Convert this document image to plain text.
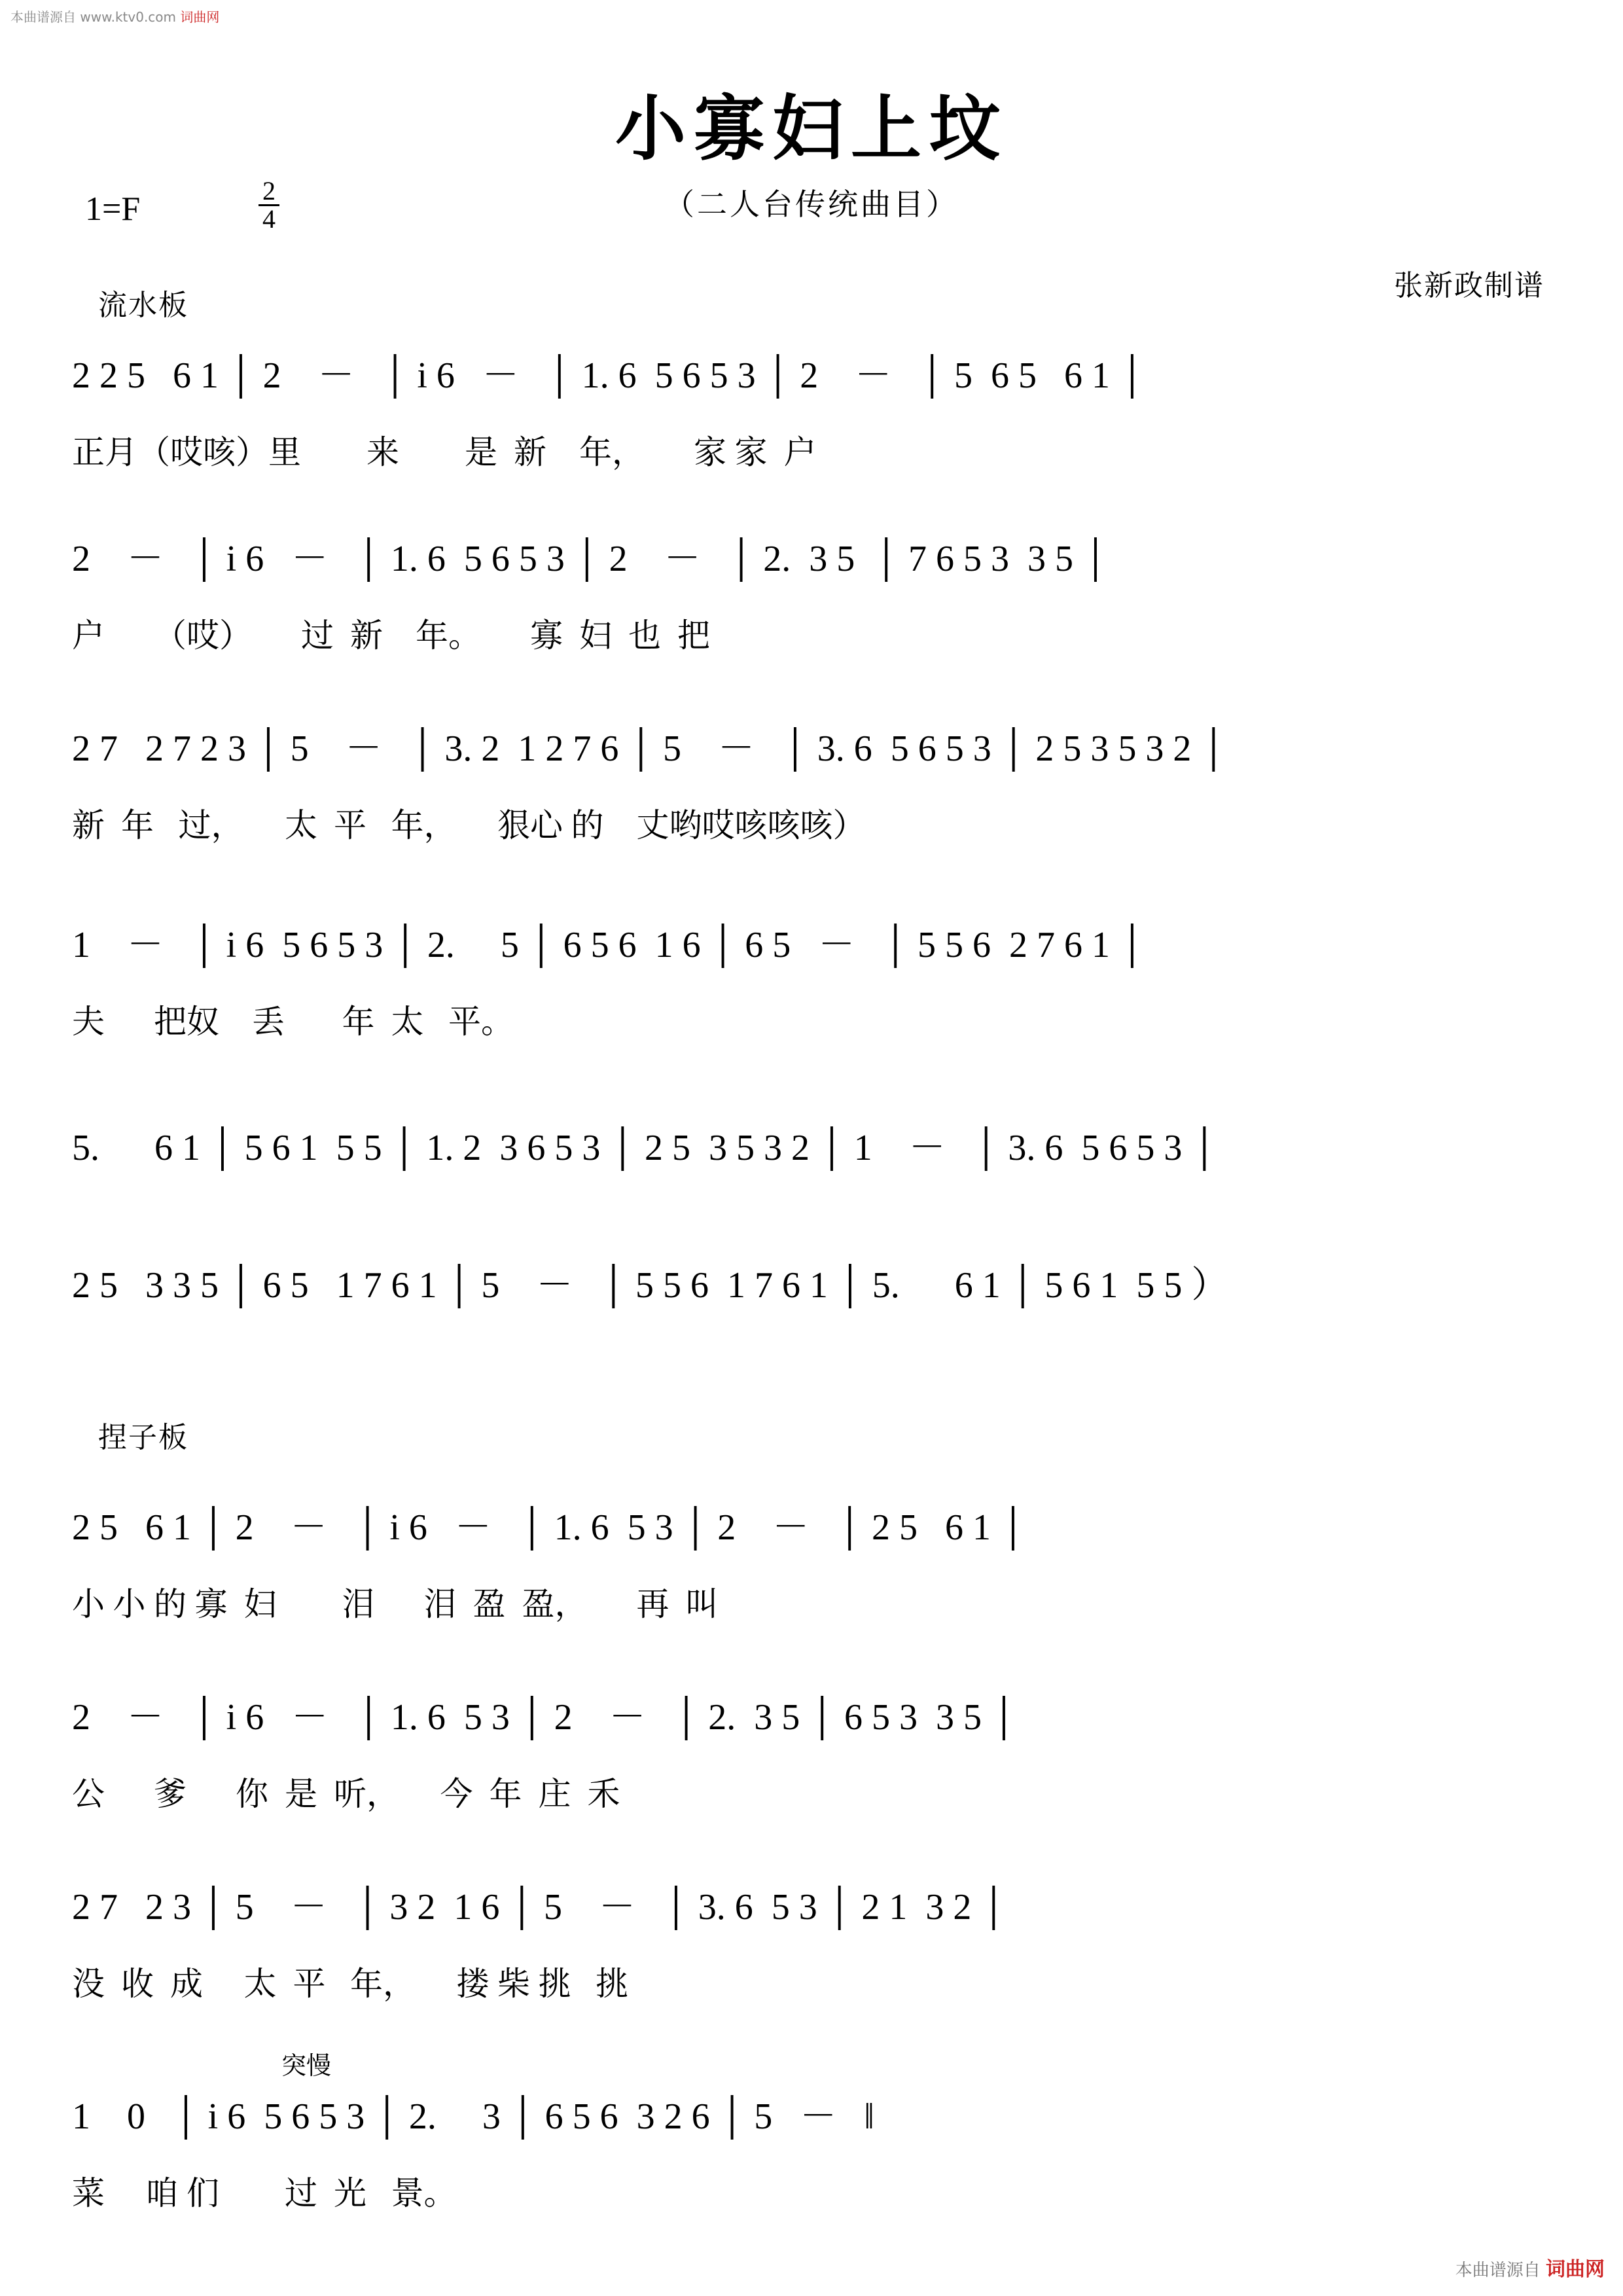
本曲谱源自 www.ktv0.com 词曲网
本曲谱源自 词曲网
小寡妇上坟
（二人台传统曲目）
1=F	$\frac{2}{4}$
张新政制谱
流水板
捏子板
突慢

2 2 5   6 1 │ 2    －   │ i 6   －   │ 1. 6  5 6 5 3 │ 2    －   │ 5  6 5   6 1 │

正月（哎咳）里        来        是  新    年，      家 家  户

2    －   │ i 6   －   │ 1. 6  5 6 5 3 │ 2    －   │ 2.  3 5  │ 7 6 5 3  3 5 │

户      （哎）      过  新    年。      寡  妇  也  把

2 7   2 7 2 3 │ 5    －   │ 3. 2  1 2 7 6 │ 5    －   │ 3. 6  5 6 5 3 │ 2 5 3 5 3 2 │

新  年   过，     太  平   年，     狠心 的    丈哟哎咳咳咳）

1    －   │ i 6  5 6 5 3 │ 2.     5 │ 6 5 6  1 6 │ 6 5   －   │ 5 5 6  2 7 6 1 │

夫      把奴    丢       年  太   平。

5.      6 1 │ 5 6 1  5 5 │ 1. 2  3 6 5 3 │ 2 5  3 5 3 2 │ 1    －   │ 3. 6  5 6 5 3 │

2 5   3 3 5 │ 6 5   1 7 6 1 │ 5    －   │ 5 5 6  1 7 6 1 │ 5.      6 1 │ 5 6 1  5 5 ）

2 5   6 1 │ 2    －   │ i 6   －   │ 1. 6  5 3 │ 2    －   │ 2 5   6 1 │

小 小 的 寡  妇        泪      泪  盈  盈，      再  叫

2    －   │ i 6   －   │ 1. 6  5 3 │ 2    －   │ 2.  3 5 │ 6 5 3  3 5 │

公      爹      你  是  听，     今  年  庄  禾

2 7   2 3 │ 5    －   │ 3 2  1 6 │ 5    －   │ 3. 6  5 3 │ 2 1  3 2 │

没  收  成     太  平   年，     搂 柴 挑   挑

1    0   │ i 6  5 6 5 3 │ 2.     3 │ 6 5 6  3 2 6 │ 5   －   ‖

菜     咱 们        过  光   景。
